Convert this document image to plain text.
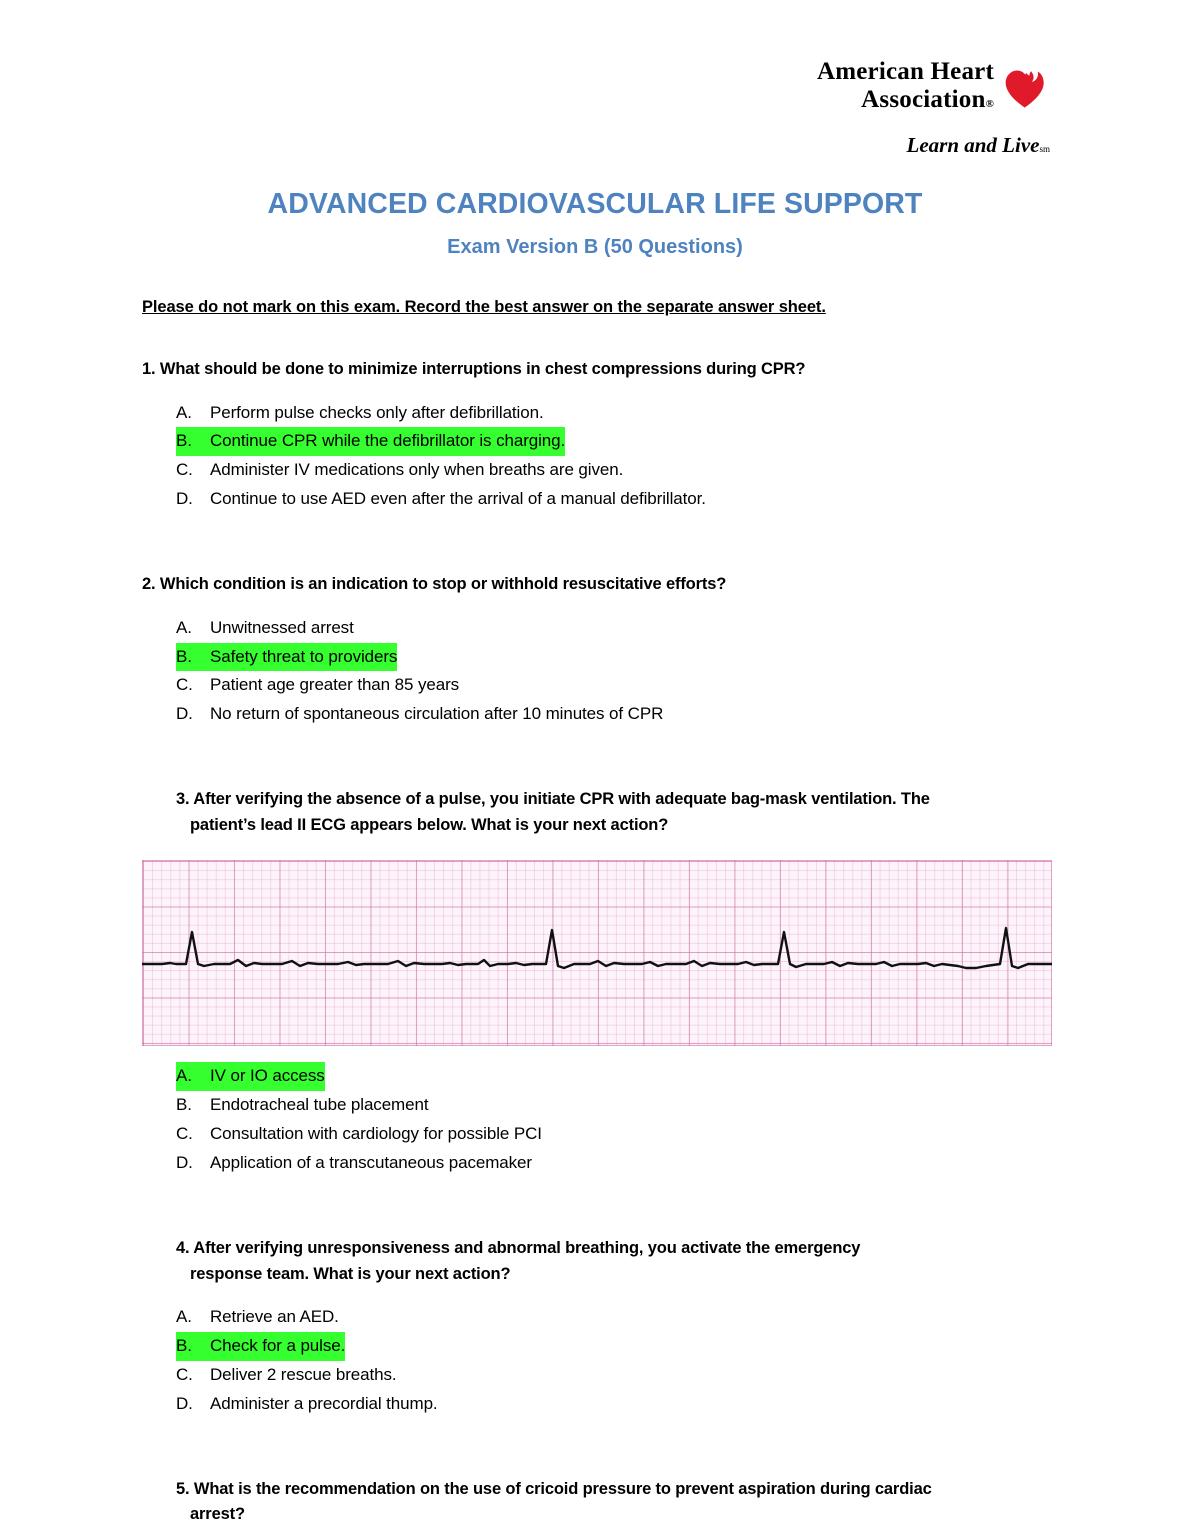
American Heart
Association®
Learn and Livesm
ADVANCED CARDIOVASCULAR LIFE SUPPORT
Exam Version B (50 Questions)
Please do not mark on this exam. Record the best answer on the separate answer sheet.
1. What should be done to minimize interruptions in chest compressions during CPR?
A.	Perform pulse checks only after defibrillation.
B.	Continue CPR while the defibrillator is charging.
C.	Administer IV medications only when breaths are given.
D.	Continue to use AED even after the arrival of a manual defibrillator.
2. Which condition is an indication to stop or withhold resuscitative efforts?
A.	Unwitnessed arrest
B.	Safety threat to providers
C.	Patient age greater than 85 years
D.	No return of spontaneous circulation after 10 minutes of CPR
3. After verifying the absence of a pulse, you initiate CPR with adequate bag-mask ventilation. The
patient’s lead II ECG appears below. What is your next action?
A.	IV or IO access
B.	Endotracheal tube placement
C.	Consultation with cardiology for possible PCI
D.	Application of a transcutaneous pacemaker
4. After verifying unresponsiveness and abnormal breathing, you activate the emergency
response team. What is your next action?
A.	Retrieve an AED.
B.	Check for a pulse.
C.	Deliver 2 rescue breaths.
D.	Administer a precordial thump.
5. What is the recommendation on the use of cricoid pressure to prevent aspiration during cardiac
arrest?
